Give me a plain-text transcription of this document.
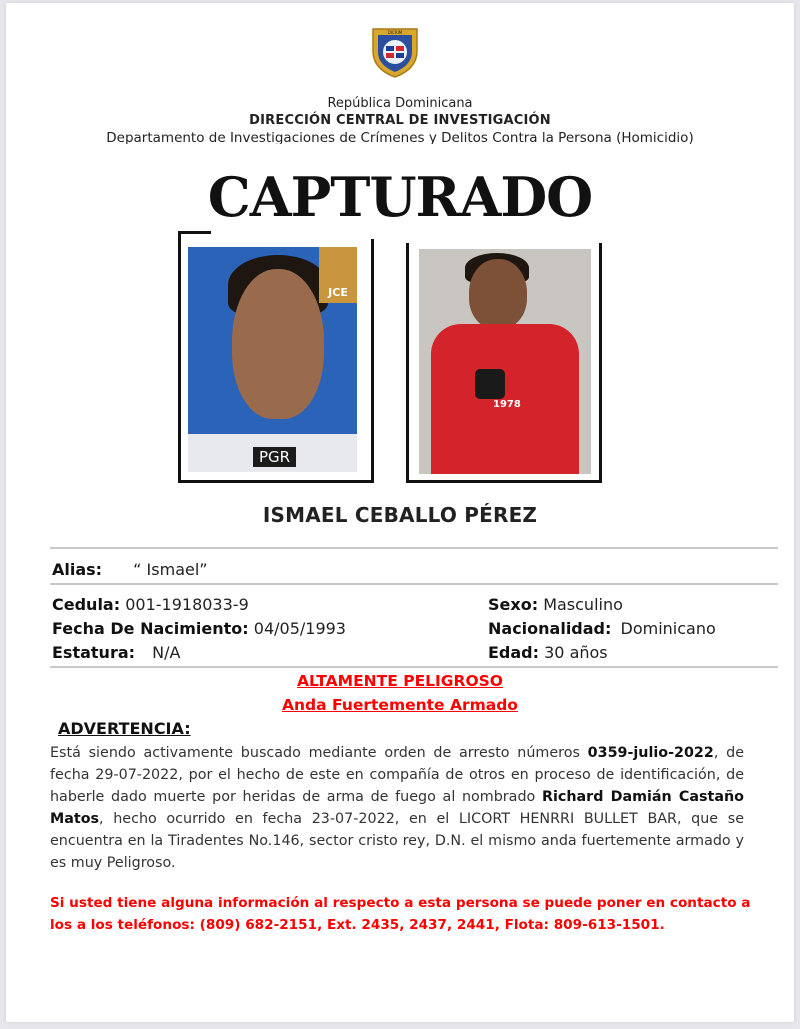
DICRIM
República Dominicana
DIRECCIÓN CENTRAL DE INVESTIGACIÓN
Departamento de Investigaciones de Crímenes y Delitos Contra la Persona (Homicidio)
CAPTURADO
JCE
PGR
1978
ISMAEL CEBALLO PÉREZ
Alias: “ Ismael”
Cedula: 001-1918033-9
Fecha De Nacimiento: 04/05/1993
Estatura: N/A
Sexo: Masculino
Nacionalidad: Dominicano
Edad: 30 años
ALTAMENTE PELIGROSO
Anda Fuertemente Armado
ADVERTENCIA:
Está siendo activamente buscado mediante orden de arresto números 0359-julio-2022, de fecha 29-07-2022, por el hecho de este en compañía de otros en proceso de identificación, de haberle dado muerte por heridas de arma de fuego al nombrado Richard Damián Castaño Matos, hecho ocurrido en fecha 23-07-2022, en el LICORT HENRRI BULLET BAR, que se encuentra en la Tiradentes No.146, sector cristo rey, D.N. el mismo anda fuertemente armado y es muy Peligroso.
Si usted tiene alguna información al respecto a esta persona se puede poner en contacto a los a los teléfonos: (809) 682-2151, Ext. 2435, 2437, 2441, Flota: 809-613-1501.
